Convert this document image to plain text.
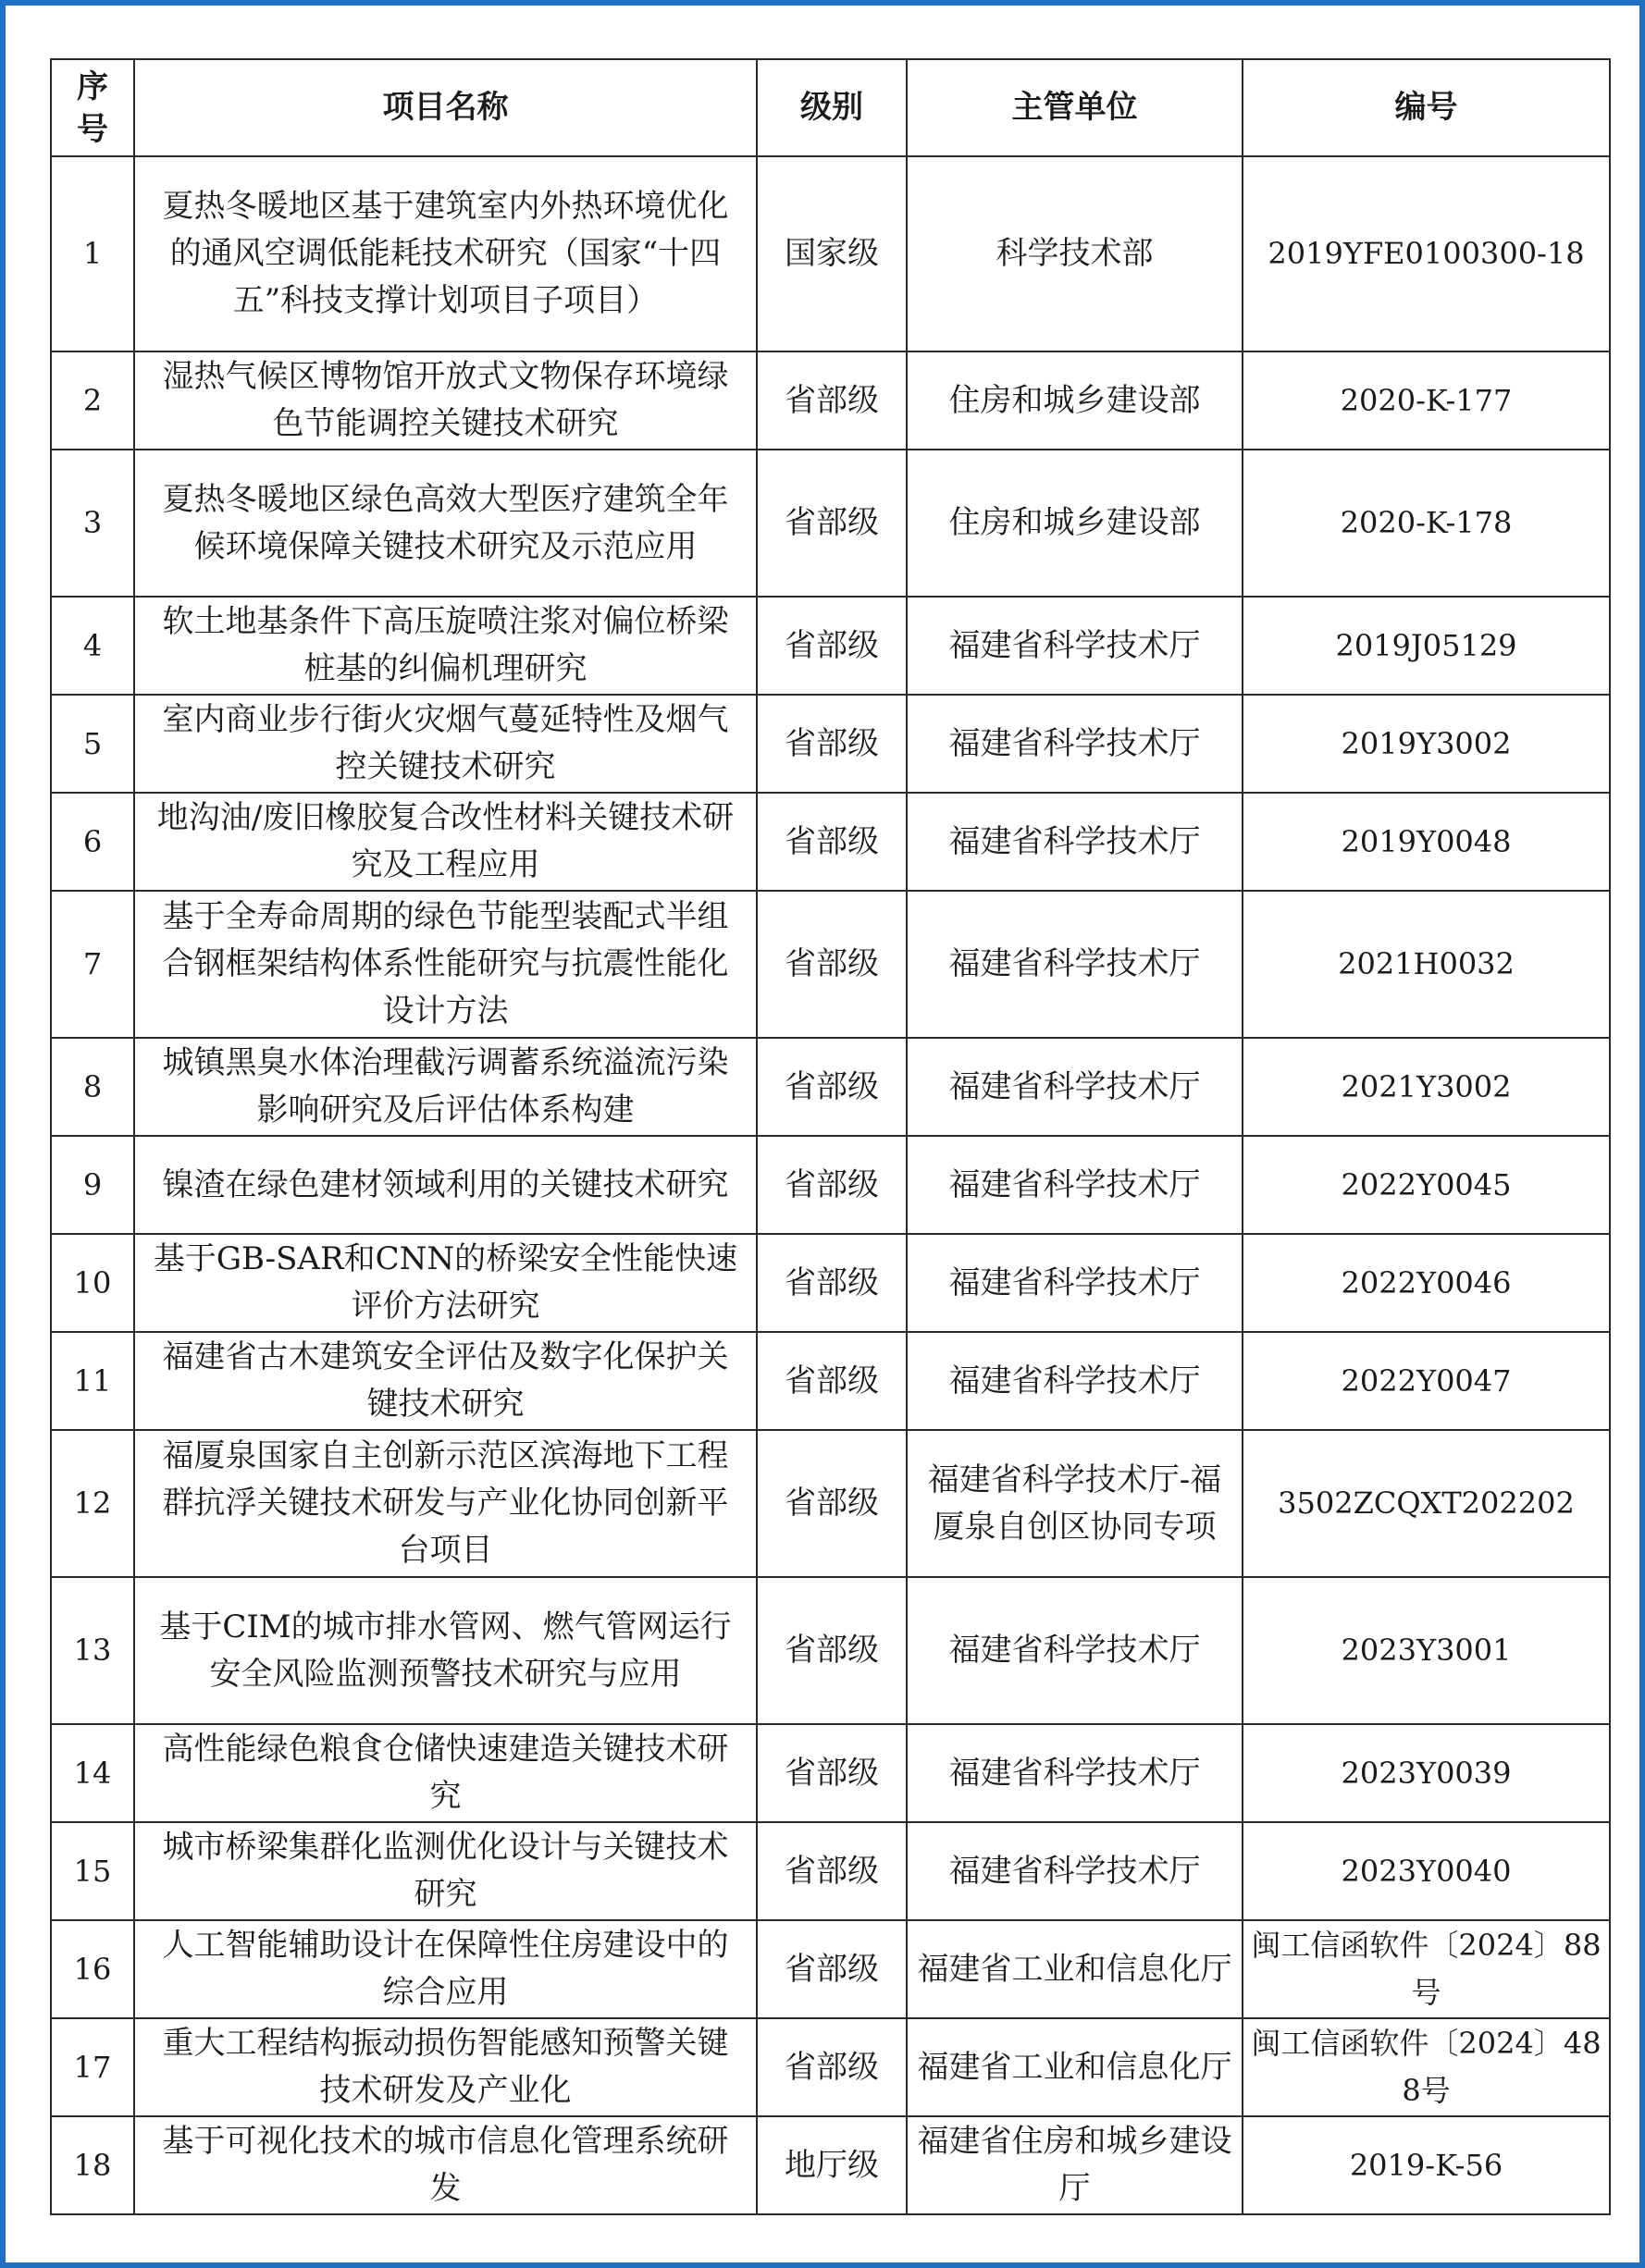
序号	项目名称	级别	主管单位	编号
1	夏热冬暖地区基于建筑室内外热环境优化的通风空调低能耗技术研究（国家“十四五”科技支撑计划项目子项目）	国家级	科学技术部	2019YFE0100300-18
2	湿热气候区博物馆开放式文物保存环境绿色节能调控关键技术研究	省部级	住房和城乡建设部	2020-K-177
3	夏热冬暖地区绿色高效大型医疗建筑全年候环境保障关键技术研究及示范应用	省部级	住房和城乡建设部	2020-K-178
4	软土地基条件下高压旋喷注浆对偏位桥梁桩基的纠偏机理研究	省部级	福建省科学技术厅	2019J05129
5	室内商业步行街火灾烟气蔓延特性及烟气控关键技术研究	省部级	福建省科学技术厅	2019Y3002
6	地沟油/废旧橡胶复合改性材料关键技术研究及工程应用	省部级	福建省科学技术厅	2019Y0048
7	基于全寿命周期的绿色节能型装配式半组合钢框架结构体系性能研究与抗震性能化设计方法	省部级	福建省科学技术厅	2021H0032
8	城镇黑臭水体治理截污调蓄系统溢流污染影响研究及后评估体系构建	省部级	福建省科学技术厅	2021Y3002
9	镍渣在绿色建材领域利用的关键技术研究	省部级	福建省科学技术厅	2022Y0045
10	基于GB-SAR和CNN的桥梁安全性能快速评价方法研究	省部级	福建省科学技术厅	2022Y0046
11	福建省古木建筑安全评估及数字化保护关键技术研究	省部级	福建省科学技术厅	2022Y0047
12	福厦泉国家自主创新示范区滨海地下工程群抗浮关键技术研发与产业化协同创新平台项目	省部级	福建省科学技术厅-福厦泉自创区协同专项	3502ZCQXT202202
13	基于CIM的城市排水管网、燃气管网运行安全风险监测预警技术研究与应用	省部级	福建省科学技术厅	2023Y3001
14	高性能绿色粮食仓储快速建造关键技术研究	省部级	福建省科学技术厅	2023Y0039
15	城市桥梁集群化监测优化设计与关键技术研究	省部级	福建省科学技术厅	2023Y0040
16	人工智能辅助设计在保障性住房建设中的综合应用	省部级	福建省工业和信息化厅	闽工信函软件〔2024〕88号
17	重大工程结构振动损伤智能感知预警关键技术研发及产业化	省部级	福建省工业和信息化厅	闽工信函软件〔2024〕488号
18	基于可视化技术的城市信息化管理系统研发	地厅级	福建省住房和城乡建设厅	2019-K-56
